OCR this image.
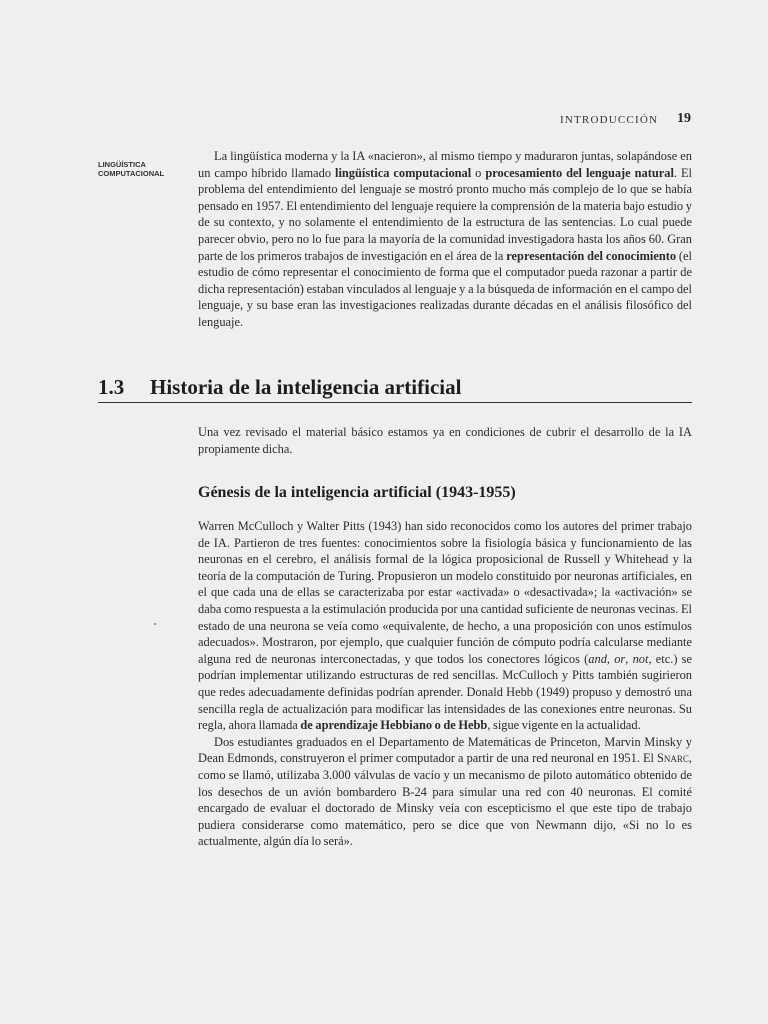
INTRODUCCIÓN 19
LINGÜÍSTICA
COMPUTACIONAL

La lingüística moderna y la IA «nacieron», al mismo tiempo y maduraron juntas, solapándose en un campo híbrido llamado lingüística computacional o procesamiento del lenguaje natural. El problema del entendimiento del lenguaje se mostró pronto mucho más complejo de lo que se había pensado en 1957. El entendimiento del lenguaje requiere la comprensión de la materia bajo estudio y de su contexto, y no solamente el entendimiento de la estructura de las sentencias. Lo cual puede parecer obvio, pero no lo fue para la mayoría de la comunidad investigadora hasta los años 60. Gran parte de los primeros trabajos de investigación en el área de la representación del conocimiento (el estudio de cómo representar el conocimiento de forma que el computador pueda razonar a partir de dicha representación) estaban vinculados al lenguaje y a la búsqueda de información en el campo del lenguaje, y su base eran las investigaciones realizadas durante décadas en el análisis filosófico del lenguaje.

1.3 Historia de la inteligencia artificial

Una vez revisado el material básico estamos ya en condiciones de cubrir el desarrollo de la IA propiamente dicha.

Génesis de la inteligencia artificial (1943-1955)

Warren McCulloch y Walter Pitts (1943) han sido reconocidos como los autores del primer trabajo de IA. Partieron de tres fuentes: conocimientos sobre la fisiología básica y funcionamiento de las neuronas en el cerebro, el análisis formal de la lógica proposicional de Russell y Whitehead y la teoría de la computación de Turing. Propusieron un modelo constituido por neuronas artificiales, en el que cada una de ellas se caracterizaba por estar «activada» o «desactivada»; la «activación» se daba como respuesta a la estimulación producida por una cantidad suficiente de neuronas vecinas. El estado de una neurona se veía como «equivalente, de hecho, a una proposición con unos estímulos adecuados». Mostraron, por ejemplo, que cualquier función de cómputo podría calcularse mediante alguna red de neuronas interconectadas, y que todos los conectores lógicos (and, or, not, etc.) se podrían implementar utilizando estructuras de red sencillas. McCulloch y Pitts también sugirieron que redes adecuadamente definidas podrían aprender. Donald Hebb (1949) propuso y demostró una sencilla regla de actualización para modificar las intensidades de las conexiones entre neuronas. Su regla, ahora llamada de aprendizaje Hebbiano o de Hebb, sigue vigente en la actualidad.

Dos estudiantes graduados en el Departamento de Matemáticas de Princeton, Marvin Minsky y Dean Edmonds, construyeron el primer computador a partir de una red neuronal en 1951. El Snarc, como se llamó, utilizaba 3.000 válvulas de vacío y un mecanismo de piloto automático obtenido de los desechos de un avión bombardero B-24 para simular una red con 40 neuronas. El comité encargado de evaluar el doctorado de Minsky veía con escepticismo el que este tipo de trabajo pudiera considerarse como matemático, pero se dice que von Newmann dijo, «Si no lo es actualmente, algún día lo será».
